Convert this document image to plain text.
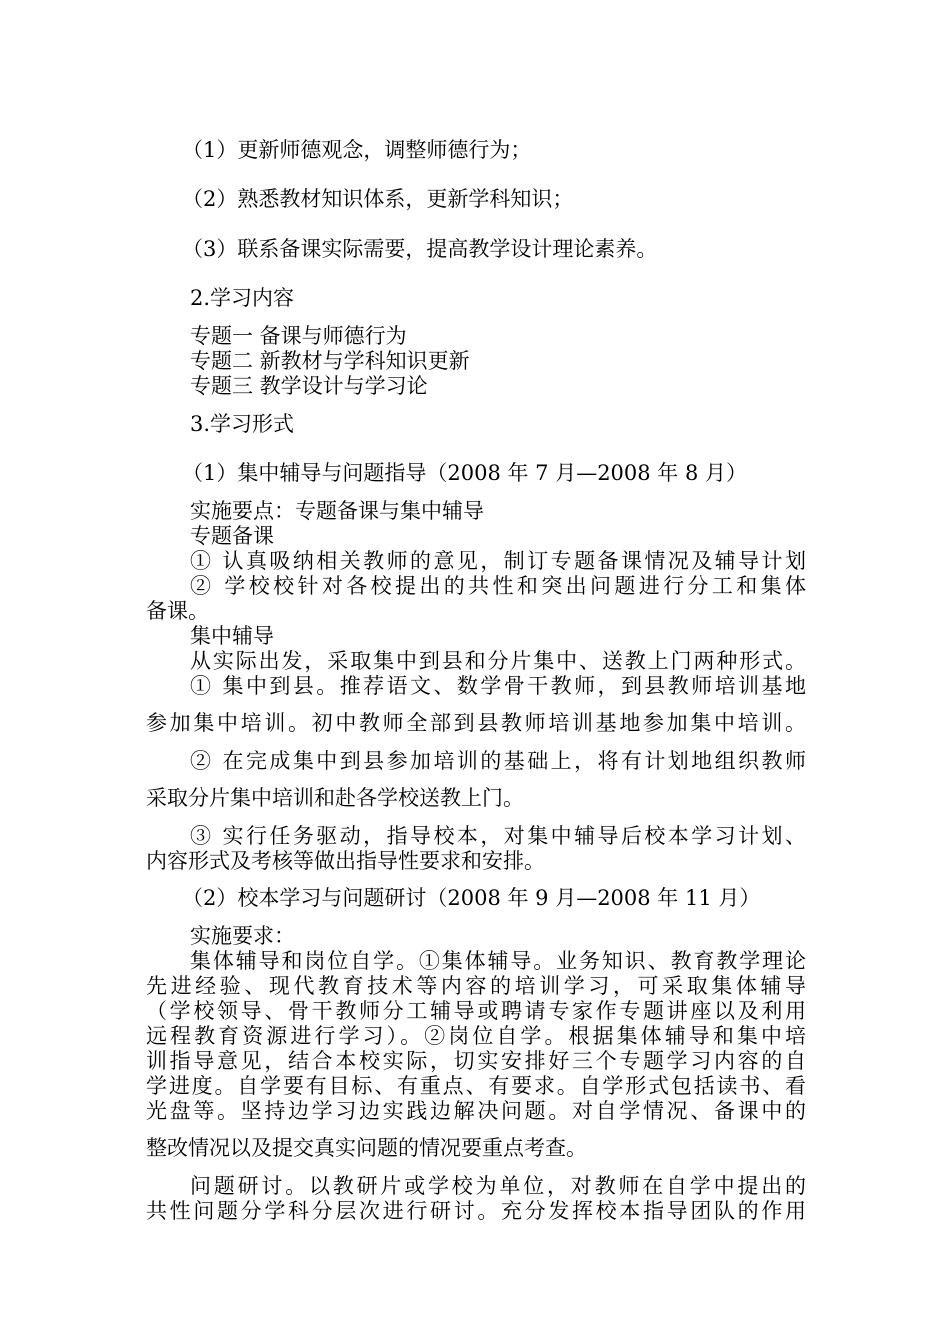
（1）更新师德观念，调整师德行为；
（2）熟悉教材知识体系，更新学科知识；
（3）联系备课实际需要，提高教学设计理论素养。
2.学习内容
专题一 备课与师德行为
专题二 新教材与学科知识更新
专题三 教学设计与学习论
3.学习形式
（1）集中辅导与问题指导（2008 年 7 月—2008 年 8 月）
实施要点：专题备课与集中辅导
专题备课
① 认真吸纳相关教师的意见，制订专题备课情况及辅导计划
② 学校校针对各校提出的共性和突出问题进行分工和集体
备课。
集中辅导
从实际出发，采取集中到县和分片集中、送教上门两种形式。
① 集中到县。推荐语文、数学骨干教师，到县教师培训基地
参加集中培训。初中教师全部到县教师培训基地参加集中培训。
② 在完成集中到县参加培训的基础上，将有计划地组织教师
采取分片集中培训和赴各学校送教上门。
③ 实行任务驱动，指导校本，对集中辅导后校本学习计划、
内容形式及考核等做出指导性要求和安排。
（2）校本学习与问题研讨（2008 年 9 月—2008 年 11 月）
实施要求：
集体辅导和岗位自学。①集体辅导。业务知识、教育教学理论
先进经验、现代教育技术等内容的培训学习，可采取集体辅导
（学校领导、骨干教师分工辅导或聘请专家作专题讲座以及利用
远程教育资源进行学习）。②岗位自学。根据集体辅导和集中培
训指导意见，结合本校实际，切实安排好三个专题学习内容的自
学进度。自学要有目标、有重点、有要求。自学形式包括读书、看
光盘等。坚持边学习边实践边解决问题。对自学情况、备课中的
整改情况以及提交真实问题的情况要重点考查。
问题研讨。以教研片或学校为单位，对教师在自学中提出的
共性问题分学科分层次进行研讨。充分发挥校本指导团队的作用
